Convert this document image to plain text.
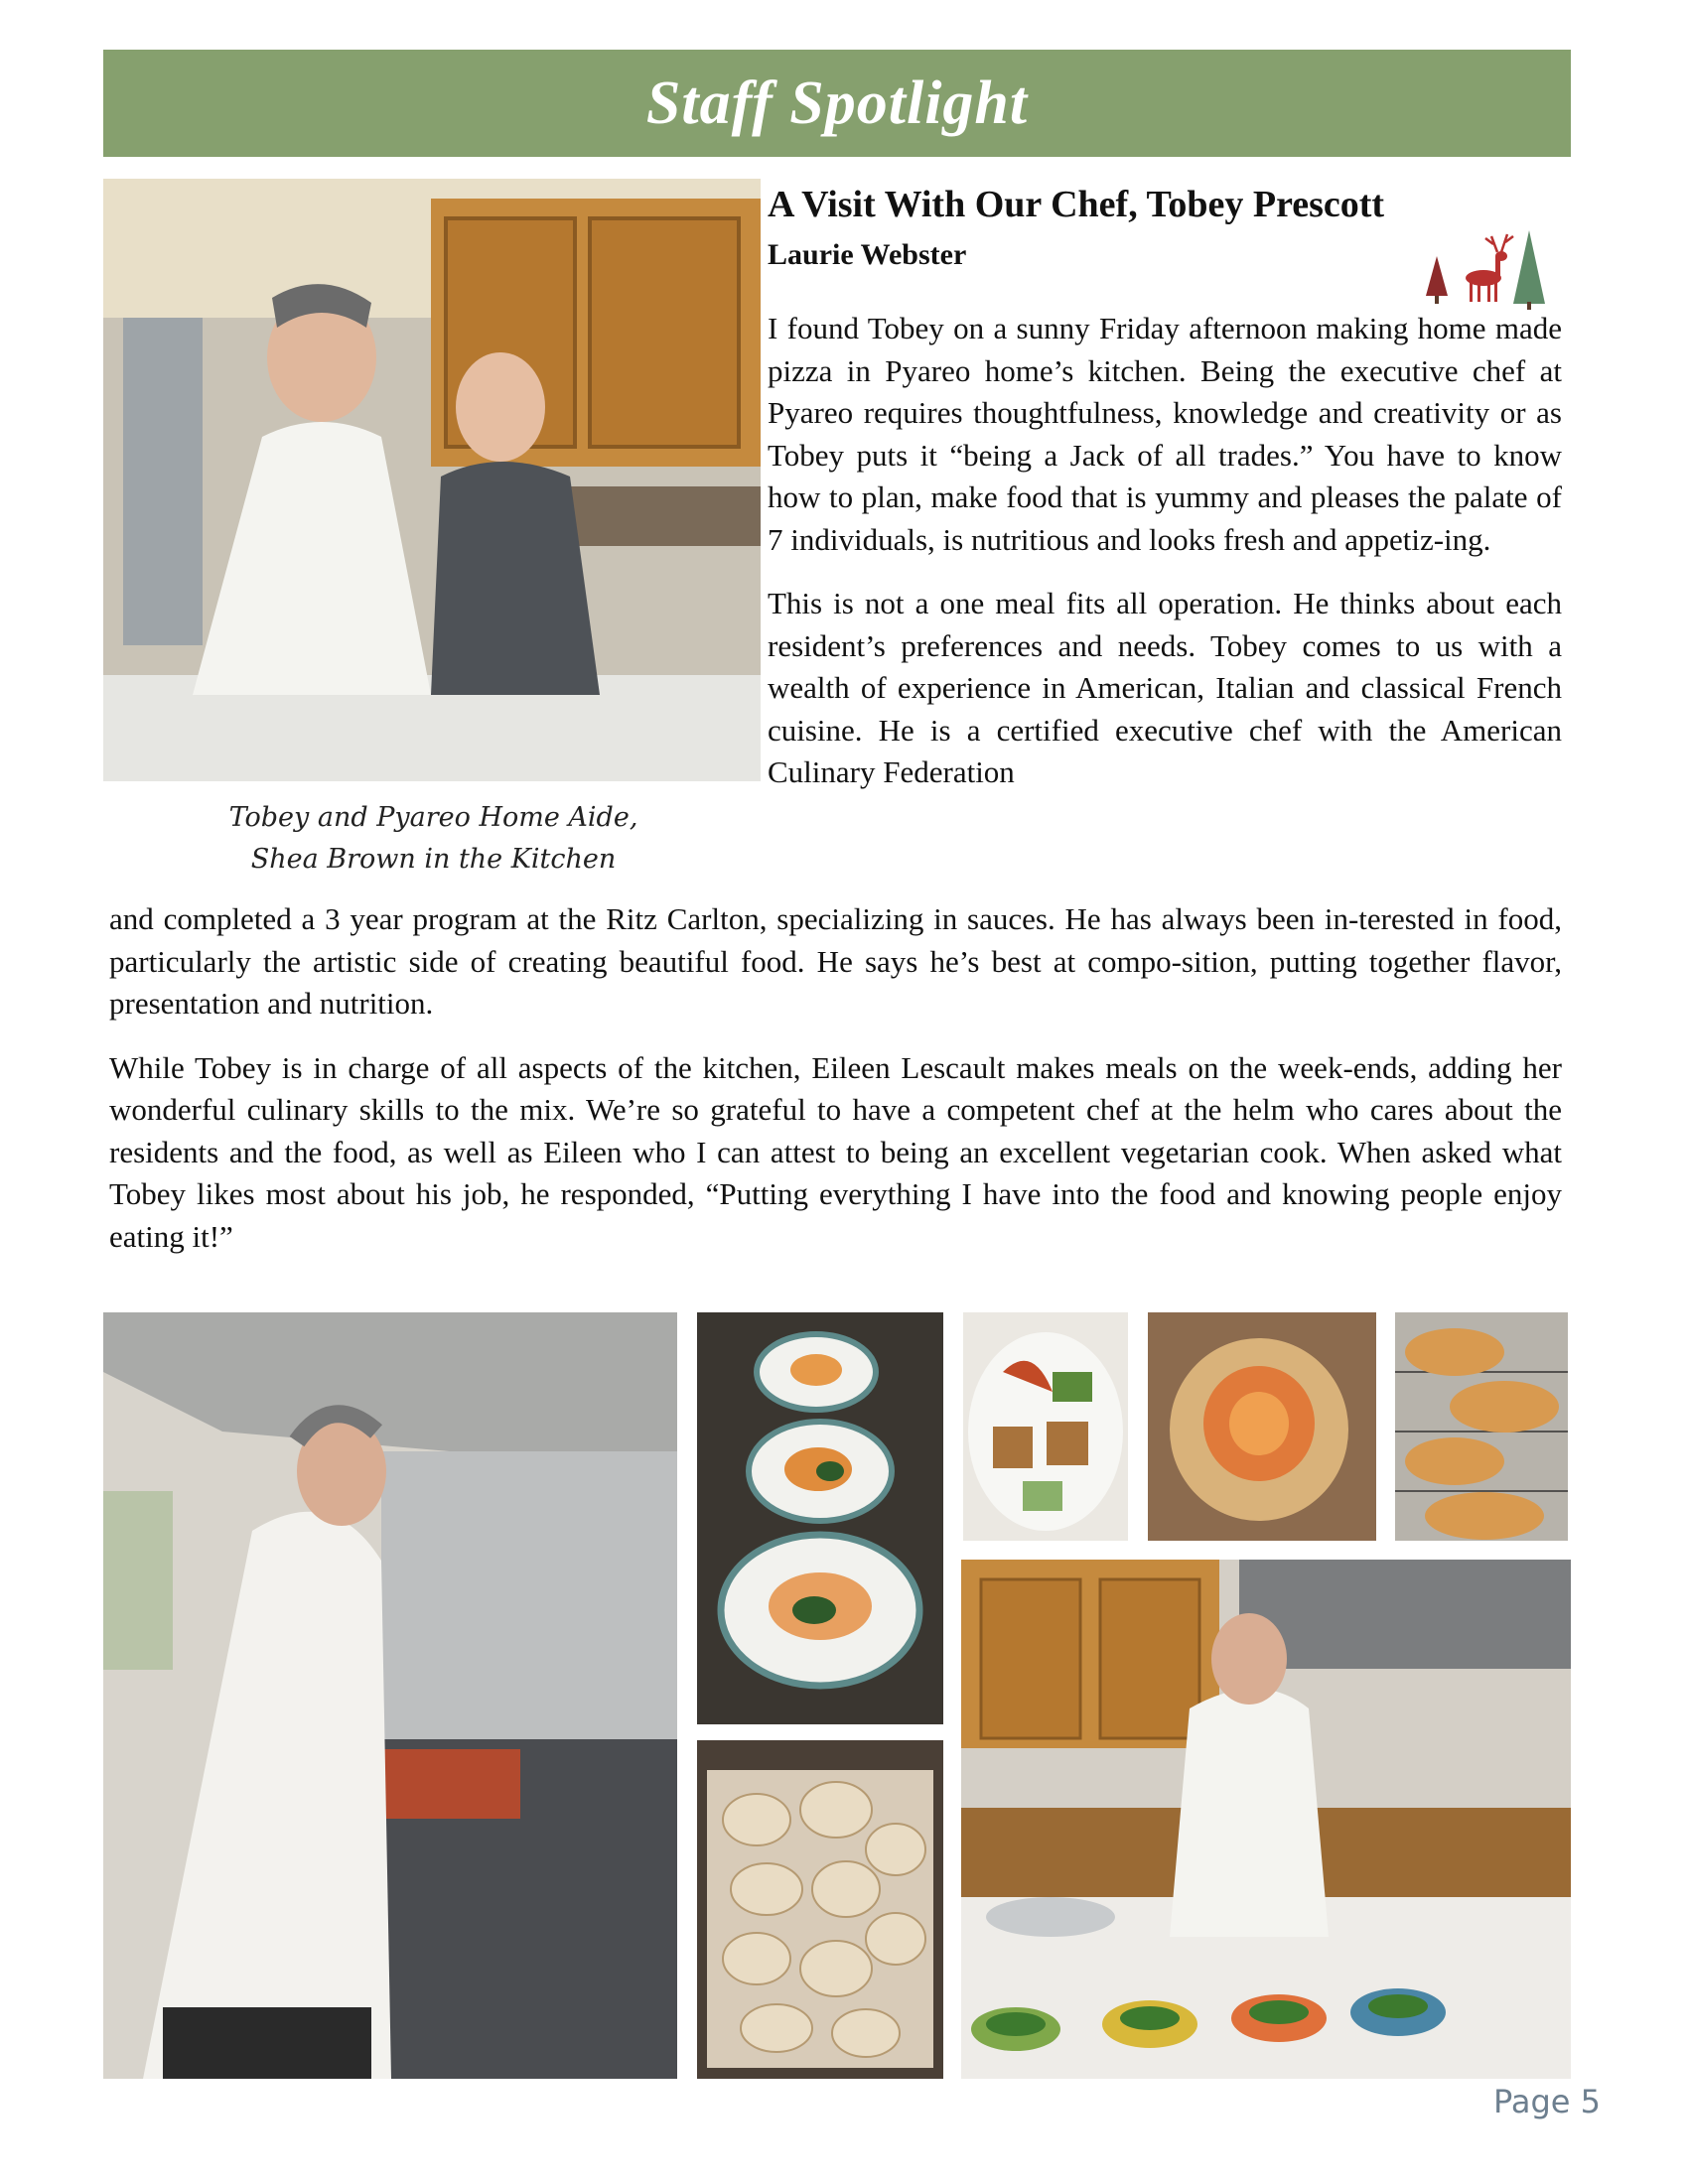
Staff Spotlight
Tobey and Pyareo Home Aide,
Shea Brown in the Kitchen
A Visit With Our Chef, Tobey Prescott
Laurie Webster

I found Tobey on a sunny Friday afternoon making home made pizza in Pyareo home’s kitchen. Being the executive chef at Pyareo requires thoughtfulness, knowledge and creativity or as Tobey puts it “being a Jack of all trades.” You have to know how to plan, make food that is yummy and pleases the palate of 7 individuals, is nutritious and looks fresh and appetiz-ing.

This is not a one meal fits all operation. He thinks about each resident’s preferences and needs. Tobey comes to us with a wealth of experience in American, Italian and classical French cuisine. He is a certified executive chef with the American Culinary Federation

and completed a 3 year program at the Ritz Carlton, specializing in sauces. He has always been in-terested in food, particularly the artistic side of creating beautiful food. He says he’s best at compo-sition, putting together flavor, presentation and nutrition.

While Tobey is in charge of all aspects of the kitchen, Eileen Lescault makes meals on the week-ends, adding her wonderful culinary skills to the mix. We’re so grateful to have a competent chef at the helm who cares about the residents and the food, as well as Eileen who I can attest to being an excellent vegetarian cook. When asked what Tobey likes most about his job, he responded, “Putting everything I have into the food and knowing people enjoy eating it!”

Page 5
